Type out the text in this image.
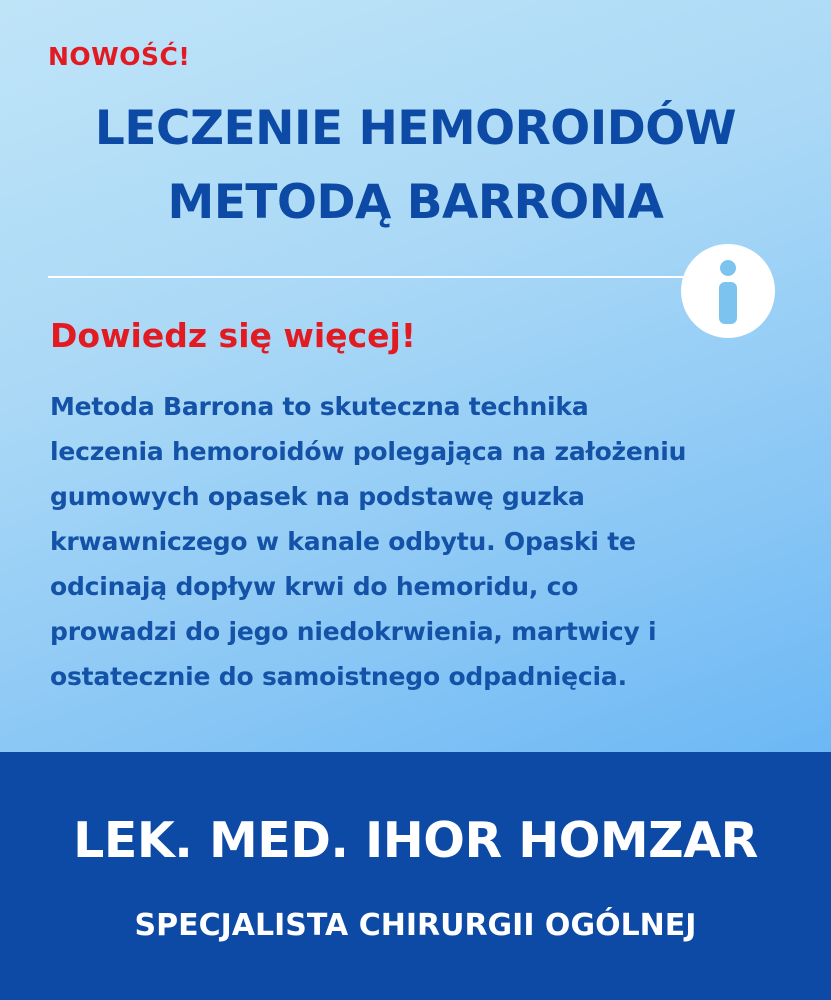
NOWOŚĆ!
LECZENIE HEMOROIDÓW
METODĄ BARRONA
Dowiedz się więcej!
Metoda Barrona to skuteczna technika
leczenia hemoroidów polegająca na założeniu
gumowych opasek na podstawę guzka
krwawniczego w kanale odbytu. Opaski te
odcinają dopływ krwi do hemoridu, co
prowadzi do jego niedokrwienia, martwicy i
ostatecznie do samoistnego odpadnięcia.
LEK. MED. IHOR HOMZAR
SPECJALISTA CHIRURGII OGÓLNEJ
